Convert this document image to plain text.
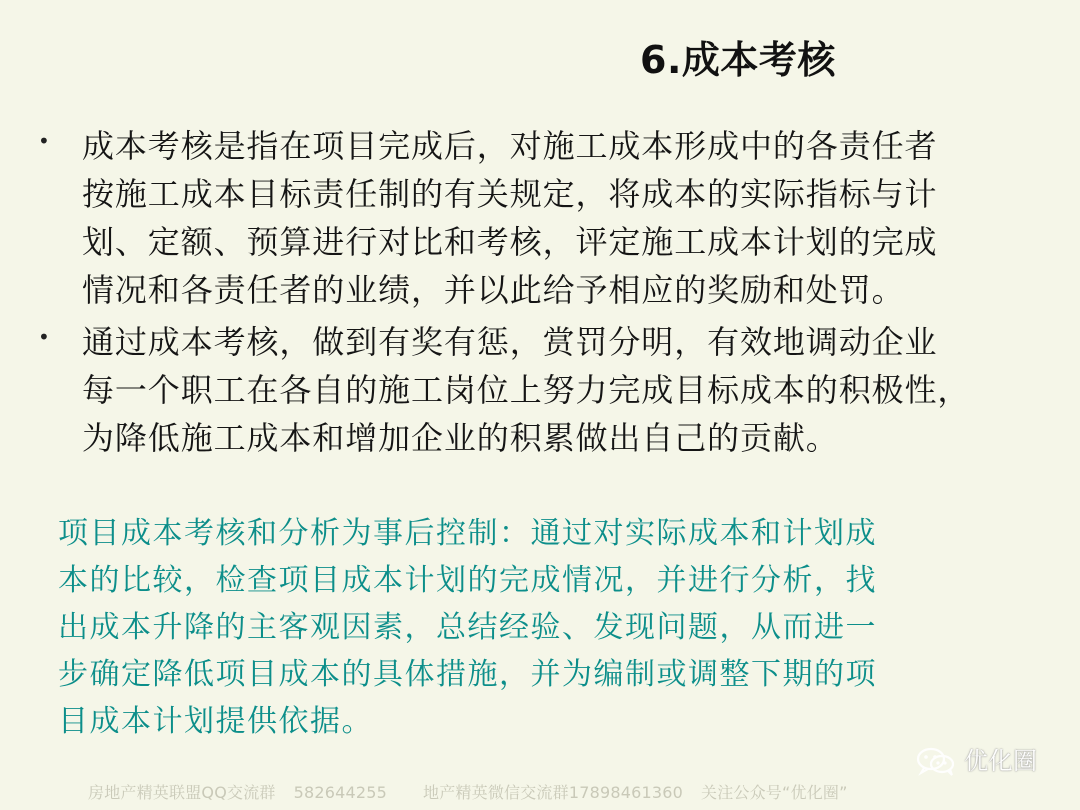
6.成本考核
• 成本考核是指在项目完成后，对施工成本形成中的各责任者
按施工成本目标责任制的有关规定，将成本的实际指标与计
划、定额、预算进行对比和考核，评定施工成本计划的完成
情况和各责任者的业绩，并以此给予相应的奖励和处罚。
• 通过成本考核，做到有奖有惩，赏罚分明，有效地调动企业
每一个职工在各自的施工岗位上努力完成目标成本的积极性，
为降低施工成本和增加企业的积累做出自己的贡献。
项目成本考核和分析为事后控制：通过对实际成本和计划成
本的比较，检查项目成本计划的完成情况，并进行分析，找
出成本升降的主客观因素，总结经验、发现问题，从而进一
步确定降低项目成本的具体措施，并为编制或调整下期的项
目成本计划提供依据。
优化圈
房地产精英联盟QQ交流群 582644255 地产精英微信交流群17898461360 关注公众号“优化圈”
